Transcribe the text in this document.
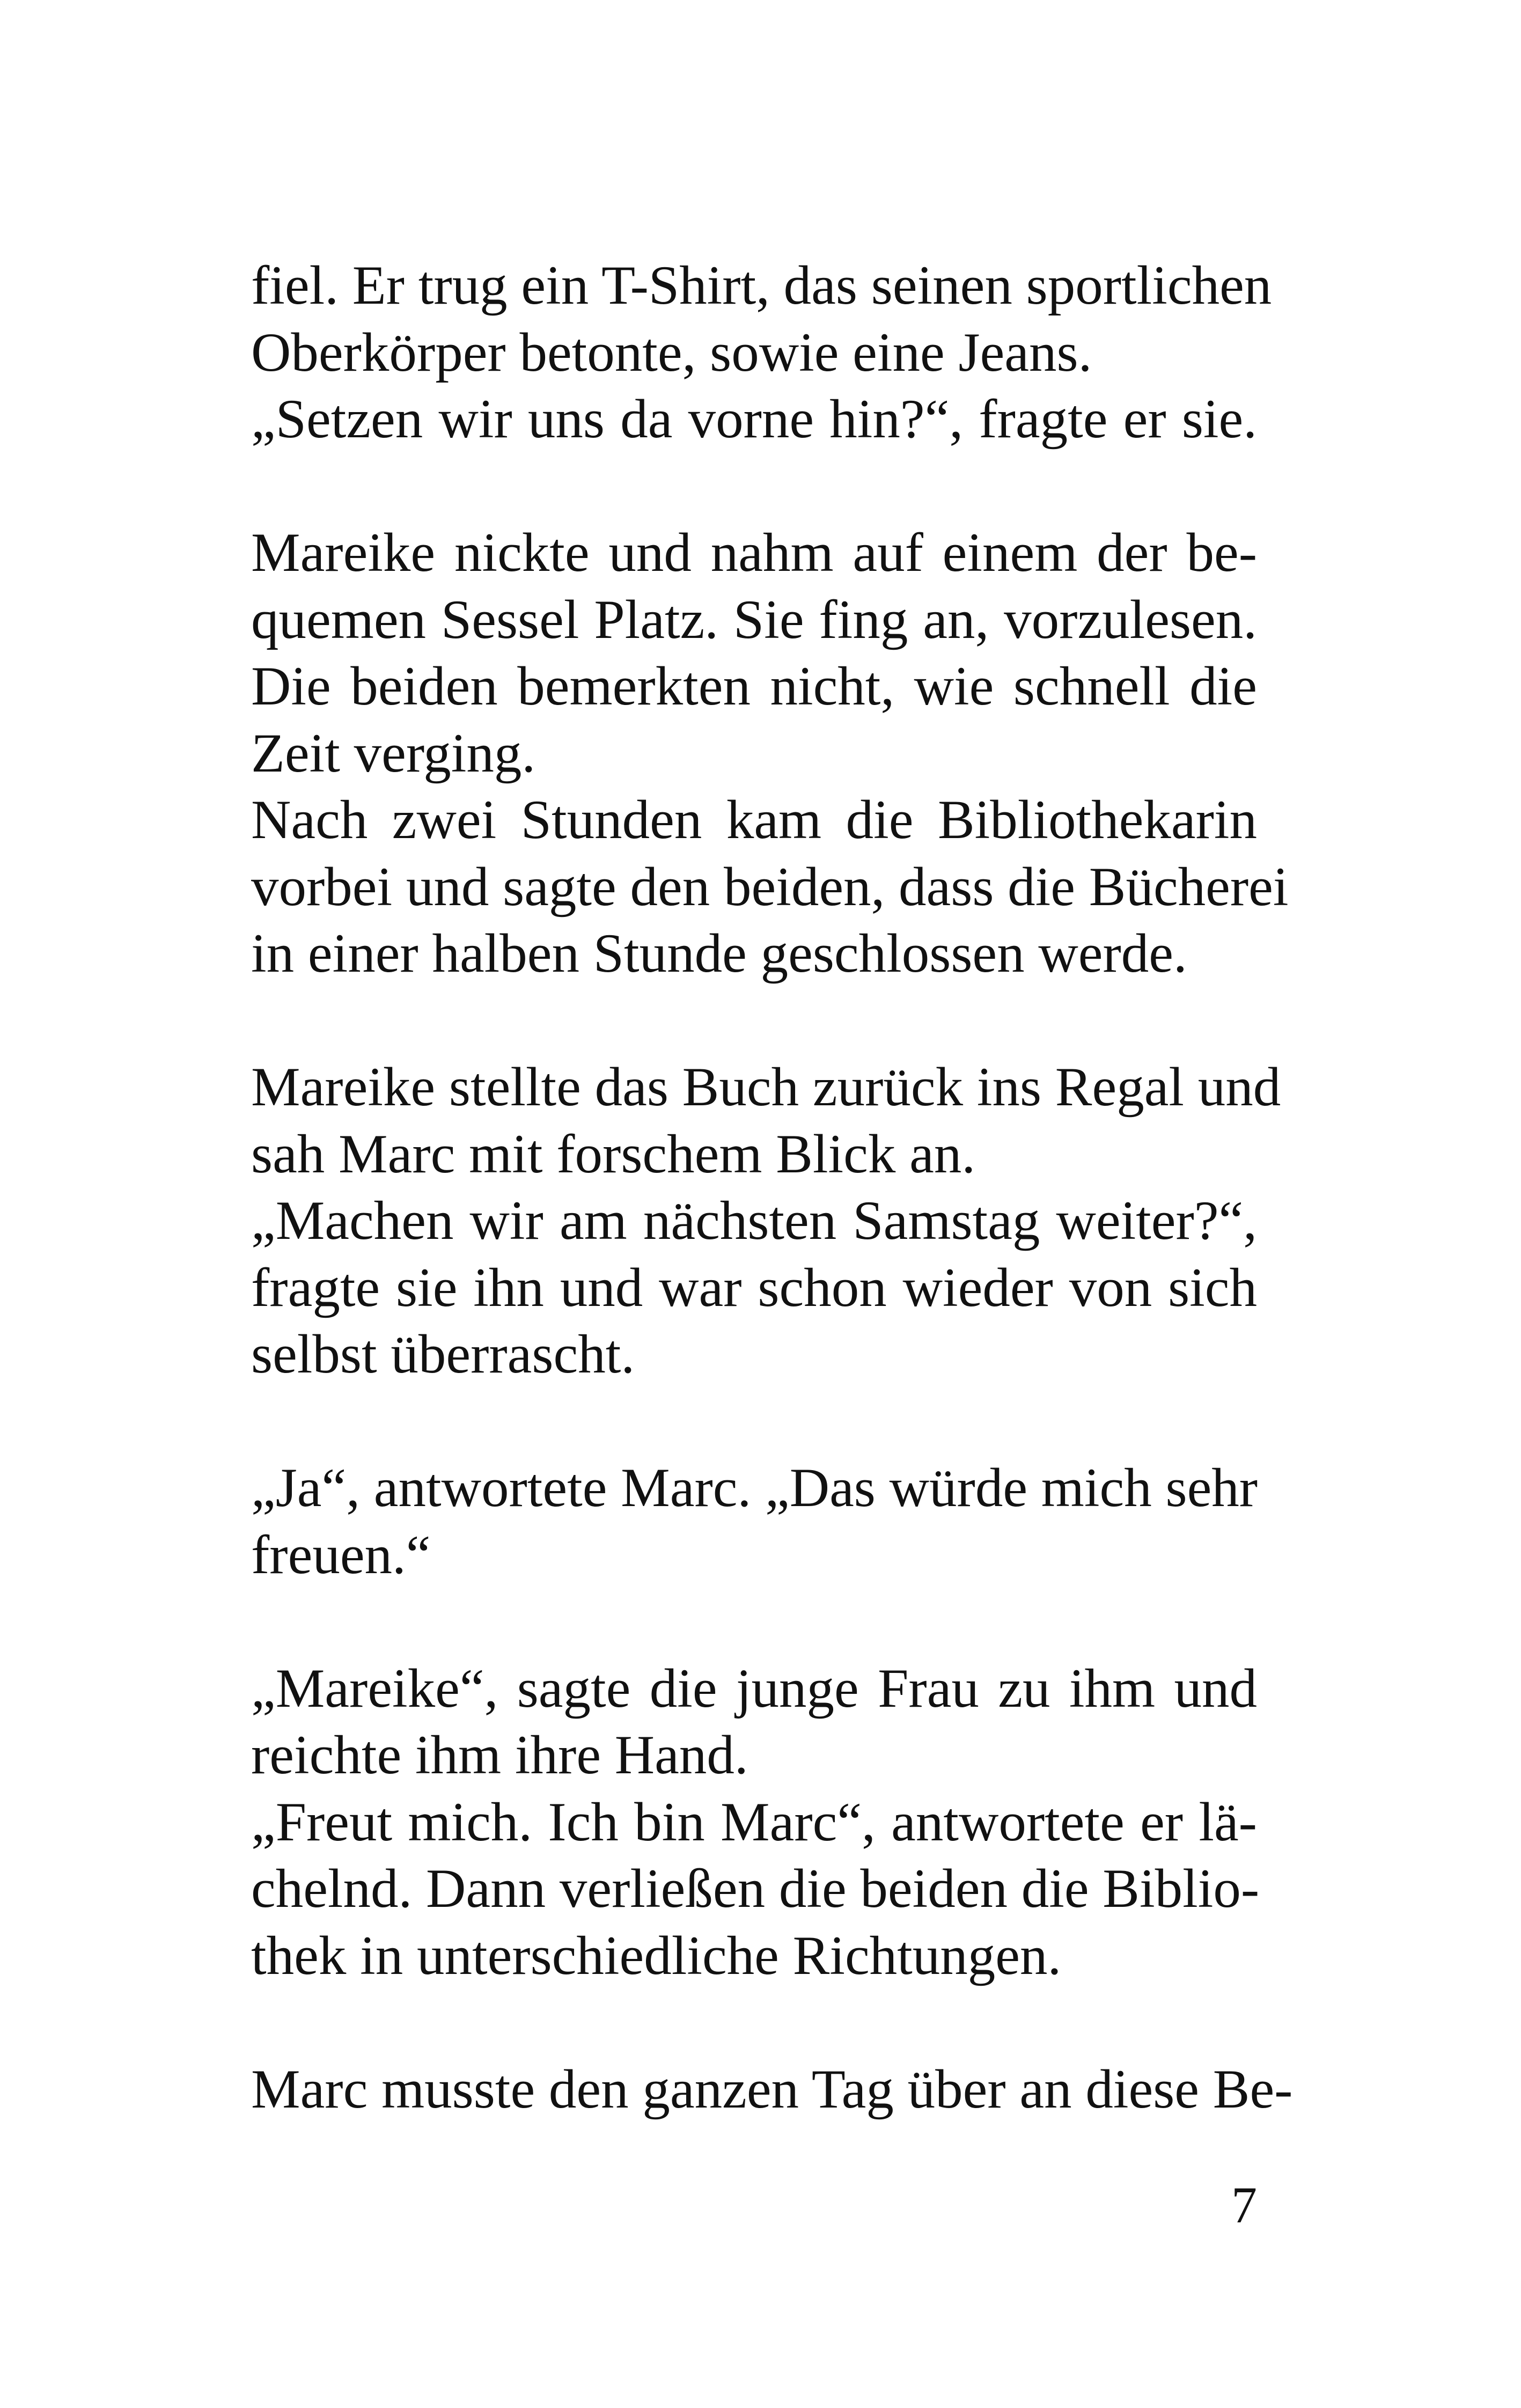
fiel. Er trug ein T-Shirt, das seinen sportlichen
Oberkörper betonte, sowie eine Jeans.
„Setzen wir uns da vorne hin?“, fragte er sie.
Mareike nickte und nahm auf einem der be-
quemen Sessel Platz. Sie fing an, vorzulesen.
Die beiden bemerkten nicht, wie schnell die
Zeit verging.
Nach zwei Stunden kam die Bibliothekarin
vorbei und sagte den beiden, dass die Bücherei
in einer halben Stunde geschlossen werde.
Mareike stellte das Buch zurück ins Regal und
sah Marc mit forschem Blick an.
„Machen wir am nächsten Samstag weiter?“,
fragte sie ihn und war schon wieder von sich
selbst überrascht.
„Ja“, antwortete Marc. „Das würde mich sehr
freuen.“
„Mareike“, sagte die junge Frau zu ihm und
reichte ihm ihre Hand.
„Freut mich. Ich bin Marc“, antwortete er lä-
chelnd. Dann verließen die beiden die Biblio-
thek in unterschiedliche Richtungen.
Marc musste den ganzen Tag über an diese Be-
7
